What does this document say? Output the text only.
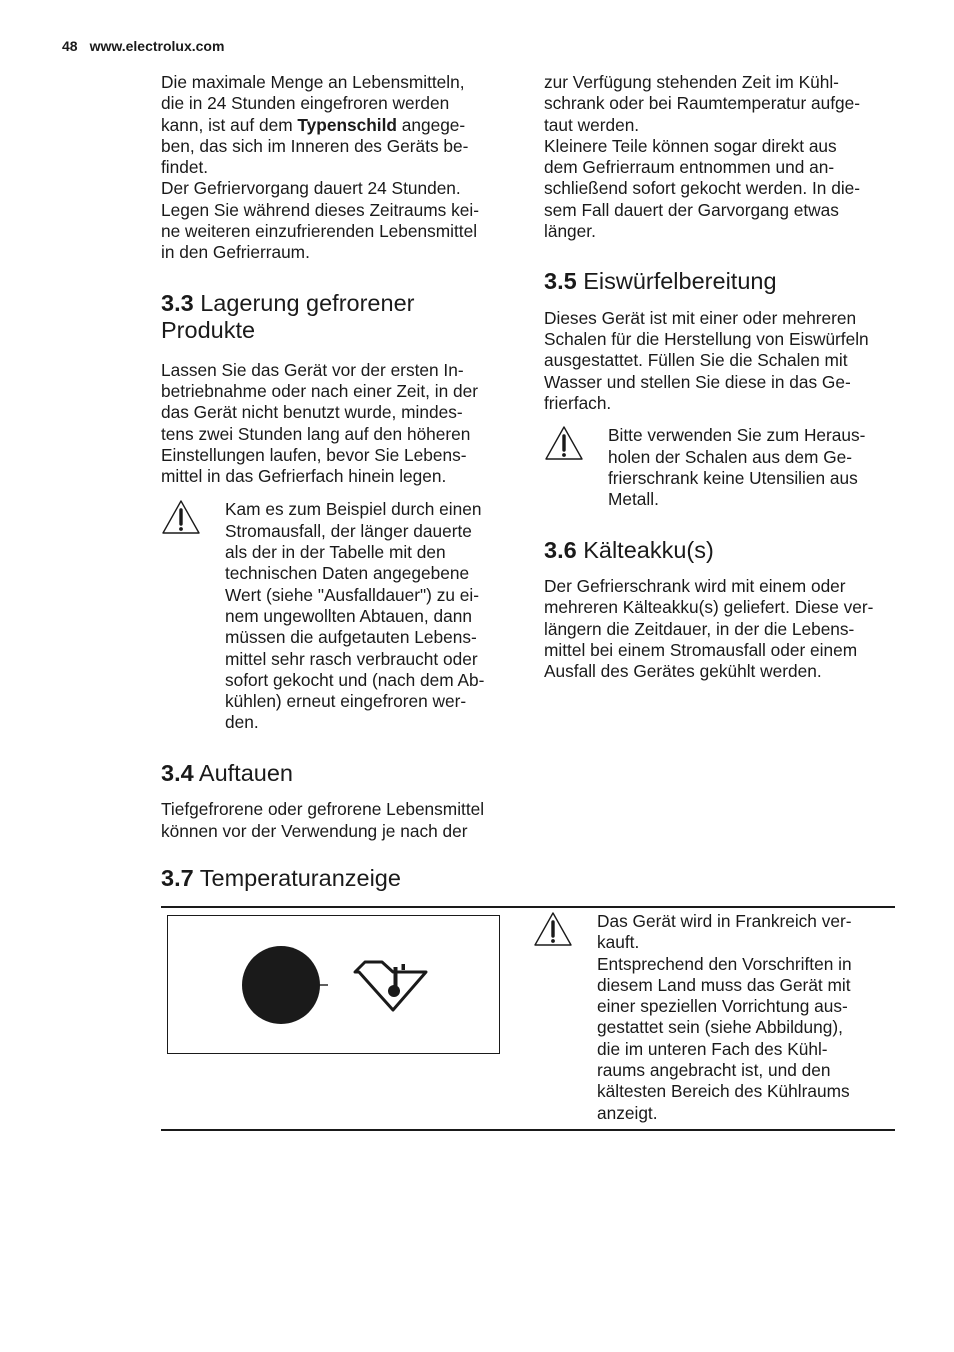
48 www.electrolux.com

Die maximale Menge an Lebensmitteln,
die in 24 Stunden eingefroren werden
kann, ist auf dem Typenschild angege-
ben, das sich im Inneren des Geräts be-
findet.
Der Gefriervorgang dauert 24 Stunden.
Legen Sie während dieses Zeitraums kei-
ne weiteren einzufrierenden Lebensmittel
in den Gefrierraum.

3.3 Lagerung gefrorener
Produkte

Lassen Sie das Gerät vor der ersten In-
betriebnahme oder nach einer Zeit, in der
das Gerät nicht benutzt wurde, mindes-
tens zwei Stunden lang auf den höheren
Einstellungen laufen, bevor Sie Lebens-
mittel in das Gefrierfach hinein legen.

Kam es zum Beispiel durch einen
Stromausfall, der länger dauerte
als der in der Tabelle mit den
technischen Daten angegebene
Wert (siehe "Ausfalldauer") zu ei-
nem ungewollten Abtauen, dann
müssen die aufgetauten Lebens-
mittel sehr rasch verbraucht oder
sofort gekocht und (nach dem Ab-
kühlen) erneut eingefroren wer-
den.

3.4 Auftauen

Tiefgefrorene oder gefrorene Lebensmittel
können vor der Verwendung je nach der

zur Verfügung stehenden Zeit im Kühl-
schrank oder bei Raumtemperatur aufge-
taut werden.
Kleinere Teile können sogar direkt aus
dem Gefrierraum entnommen und an-
schließend sofort gekocht werden. In die-
sem Fall dauert der Garvorgang etwas
länger.

3.5 Eiswürfelbereitung

Dieses Gerät ist mit einer oder mehreren
Schalen für die Herstellung von Eiswürfeln
ausgestattet. Füllen Sie die Schalen mit
Wasser und stellen Sie diese in das Ge-
frierfach.

Bitte verwenden Sie zum Heraus-
holen der Schalen aus dem Ge-
frierschrank keine Utensilien aus
Metall.

3.6 Kälteakku(s)

Der Gefrierschrank wird mit einem oder
mehreren Kälteakku(s) geliefert. Diese ver-
längern die Zeitdauer, in der die Lebens-
mittel bei einem Stromausfall oder einem
Ausfall des Gerätes gekühlt werden.

3.7 Temperaturanzeige

Das Gerät wird in Frankreich ver-
kauft.
Entsprechend den Vorschriften in
diesem Land muss das Gerät mit
einer speziellen Vorrichtung aus-
gestattet sein (siehe Abbildung),
die im unteren Fach des Kühl-
raums angebracht ist, und den
kältesten Bereich des Kühlraums
anzeigt.
